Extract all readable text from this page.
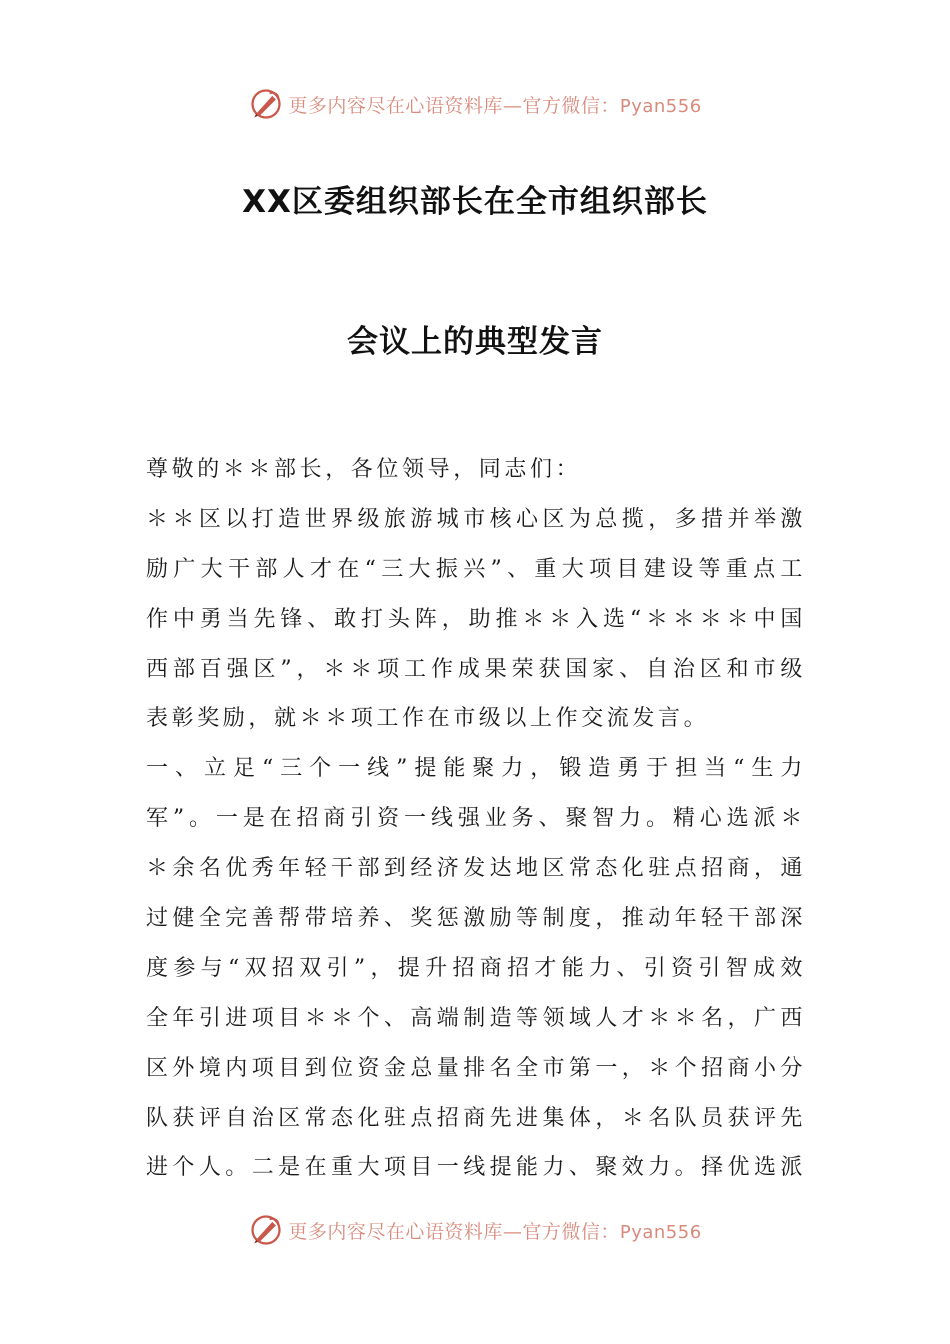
更多内容尽在心语资料库—官方微信：Pyan556
XX区委组织部长在全市组织部长
会议上的典型发言
尊敬的＊＊部长，各位领导，同志们：
＊＊区以打造世界级旅游城市核心区为总揽，多措并举激
励广大干部人才在“三大振兴”、重大项目建设等重点工
作中勇当先锋、敢打头阵，助推＊＊入选“＊＊＊＊中国
西部百强区”，＊＊项工作成果荣获国家、自治区和市级
表彰奖励，就＊＊项工作在市级以上作交流发言。
一、立足“三个一线”提能聚力，锻造勇于担当“生力
军”。一是在招商引资一线强业务、聚智力。精心选派＊
＊余名优秀年轻干部到经济发达地区常态化驻点招商，通
过健全完善帮带培养、奖惩激励等制度，推动年轻干部深
度参与“双招双引”，提升招商招才能力、引资引智成效
全年引进项目＊＊个、高端制造等领域人才＊＊名，广西
区外境内项目到位资金总量排名全市第一，＊个招商小分
队获评自治区常态化驻点招商先进集体，＊名队员获评先
进个人。二是在重大项目一线提能力、聚效力。择优选派
更多内容尽在心语资料库—官方微信：Pyan556
